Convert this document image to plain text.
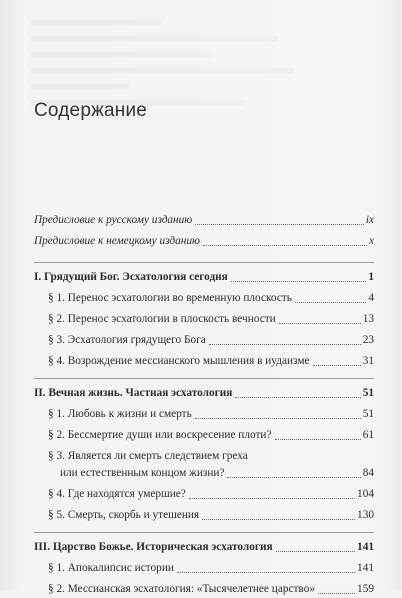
Содержание
Предисловие к русскому изданию	ix
Предисловие к немецкому изданию	x
I. Грядущий Бог. Эсхатология сегодня	1
§ 1. Перенос эсхатологии во временную плоскость	4
§ 2. Перенос эсхатологии в плоскость вечности	13
§ 3. Эсхатология грядущего Бога	23
§ 4. Возрождение мессианского мышления в иудаизме	31
II. Вечная жизнь. Частная эсхатология	51
§ 1. Любовь к жизни и смерть	51
§ 2. Бессмертие души или воскресение плоти?	61
§ 3. Является ли смерть следствием греха
или естественным концом жизни?	84
§ 4. Где находятся умершие?	104
§ 5. Смерть, скорбь и утешения	130
III. Царство Божье. Историческая эсхатология	141
§ 1. Апокалипсис истории	141
§ 2. Мессианская эсхатология: «Тысячелетнее царство»	159
